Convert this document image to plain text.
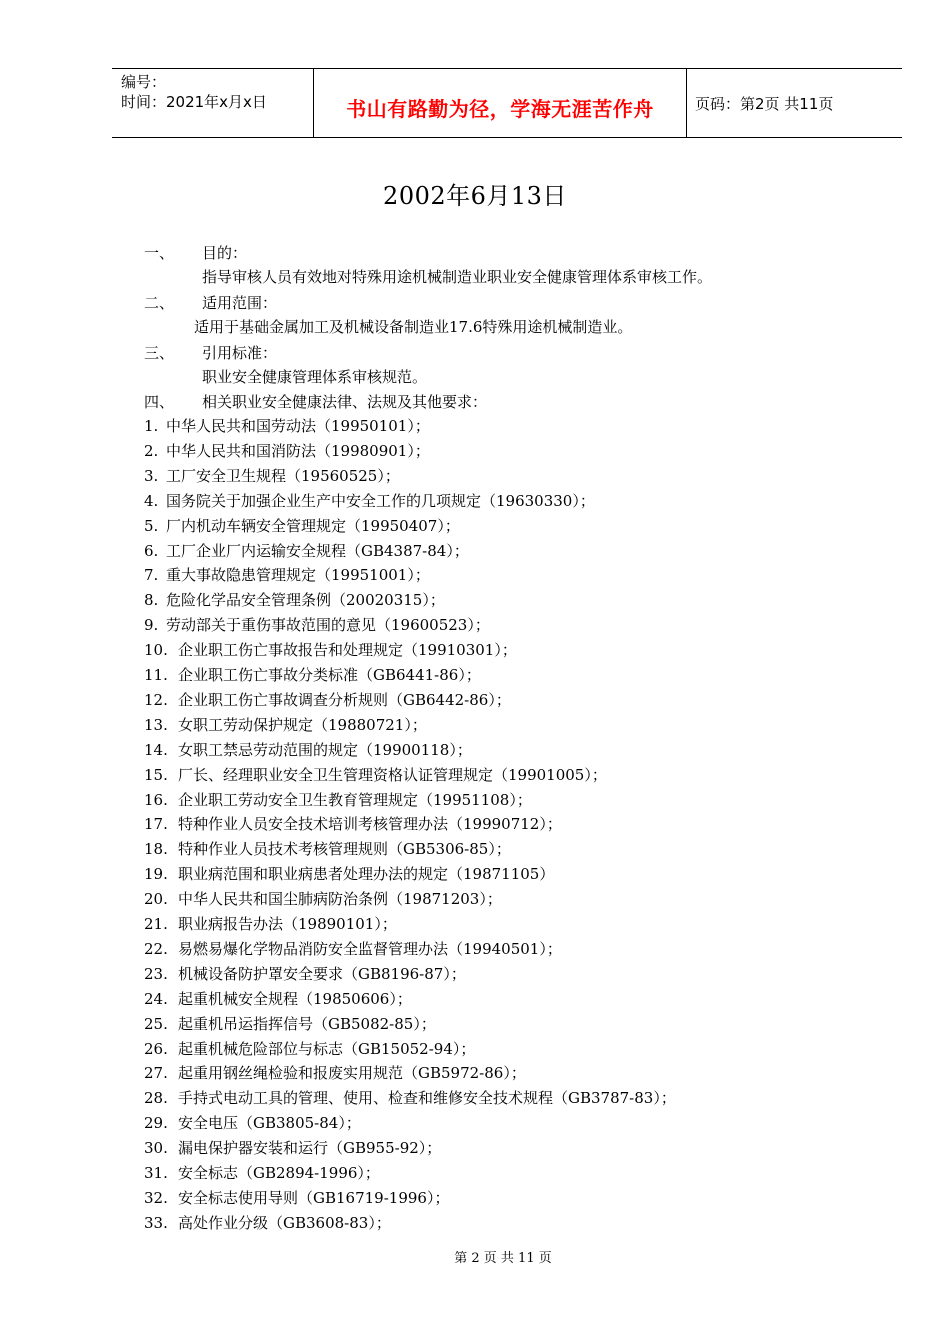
编号：
时间：2021年x月x日	书山有路勤为径，学海无涯苦作舟	页码：第2页 共11页
2002年6月13日
一、 目的：
指导审核人员有效地对特殊用途机械制造业职业安全健康管理体系审核工作。
二、 适用范围：
适用于基础金属加工及机械设备制造业17.6特殊用途机械制造业。
三、 引用标准：
职业安全健康管理体系审核规范。
四、 相关职业安全健康法律、法规及其他要求：
1. 中华人民共和国劳动法（19950101）；
2. 中华人民共和国消防法（19980901）；
3. 工厂安全卫生规程（19560525）；
4. 国务院关于加强企业生产中安全工作的几项规定（19630330）；
5. 厂内机动车辆安全管理规定（19950407）；
6. 工厂企业厂内运输安全规程（GB4387-84）；
7. 重大事故隐患管理规定（19951001）；
8. 危险化学品安全管理条例（20020315）；
9. 劳动部关于重伤事故范围的意见（19600523）；
10. 企业职工伤亡事故报告和处理规定（19910301）；
11. 企业职工伤亡事故分类标准（GB6441-86）；
12. 企业职工伤亡事故调查分析规则（GB6442-86）；
13. 女职工劳动保护规定（19880721）；
14. 女职工禁忌劳动范围的规定（19900118）；
15. 厂长、经理职业安全卫生管理资格认证管理规定（19901005）；
16. 企业职工劳动安全卫生教育管理规定（19951108）；
17. 特种作业人员安全技术培训考核管理办法（19990712）；
18. 特种作业人员技术考核管理规则（GB5306-85）；
19. 职业病范围和职业病患者处理办法的规定（19871105）
20. 中华人民共和国尘肺病防治条例（19871203）；
21. 职业病报告办法（19890101）；
22. 易燃易爆化学物品消防安全监督管理办法（19940501）；
23. 机械设备防护罩安全要求（GB8196-87）；
24. 起重机械安全规程（19850606）；
25. 起重机吊运指挥信号（GB5082-85）；
26. 起重机械危险部位与标志（GB15052-94）；
27. 起重用钢丝绳检验和报废实用规范（GB5972-86）；
28. 手持式电动工具的管理、使用、检查和维修安全技术规程（GB3787-83）；
29. 安全电压（GB3805-84）；
30. 漏电保护器安装和运行（GB955-92）；
31. 安全标志（GB2894-1996）；
32. 安全标志使用导则（GB16719-1996）；
33. 高处作业分级（GB3608-83）；
第 2 页 共 11 页
